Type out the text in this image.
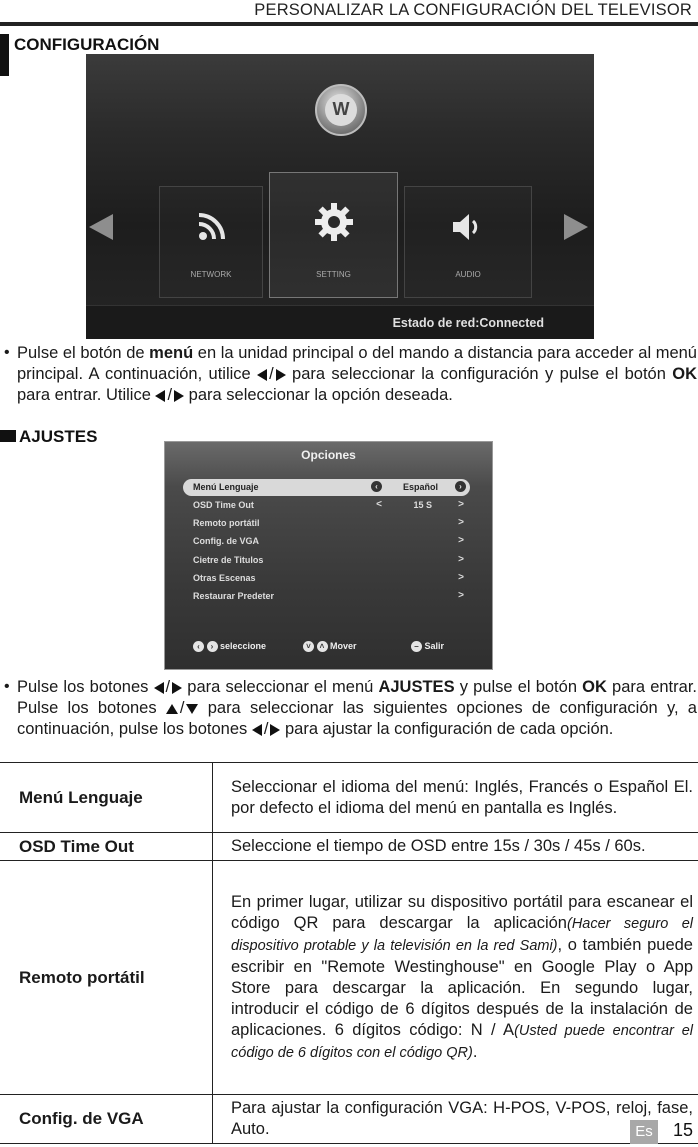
PERSONALIZAR LA CONFIGURACIÓN DEL TELEVISOR
CONFIGURACIÓN
W
NETWORK	SETTING	AUDIO
Estado de red:Connected
• Pulse el botón de menú en la unidad principal o del mando a distancia para acceder al menú principal. A continuación, utilice / para seleccionar la configuración y pulse el botón OK para entrar. Utilice / para seleccionar la opción deseada.
AJUSTES
Opciones
Menú Lenguaje	‹	Español	›
OSD Time Out	<	15 S	>
Remoto portátil	>
Config. de VGA	>
Cietre de Titulos	>
Otras Escenas	>
Restaurar Predeter	>
‹ › seleccione	˅ ˄ Mover	– Salir
• Pulse los botones / para seleccionar el menú AJUSTES y pulse el botón OK para entrar. Pulse los botones / para seleccionar las siguientes opciones de configuración y, a continuación, pulse los botones / para ajustar la configuración de cada opción.
Menú Lenguaje	Seleccionar el idioma del menú: Inglés, Francés o Español El. por defecto el idioma del menú en pantalla es Inglés.
OSD Time Out	Seleccione el tiempo de OSD entre 15s / 30s / 45s / 60s.
Remoto portátil	En primer lugar, utilizar su dispositivo portátil para escanear el código QR para descargar la aplicación(Hacer seguro el dispositivo protable y la televisión en la red Sami), o también puede escribir en "Remote Westinghouse" en Google Play o App Store para descargar la aplicación. En segundo lugar, introducir el código de 6 dígitos después de la instalación de aplicaciones. 6 dígitos código: N / A(Usted puede encontrar el código de 6 dígitos con el código QR).
Config. de VGA	Para ajustar la configuración VGA: H-POS, V-POS, reloj, fase, Auto.	Es 15
